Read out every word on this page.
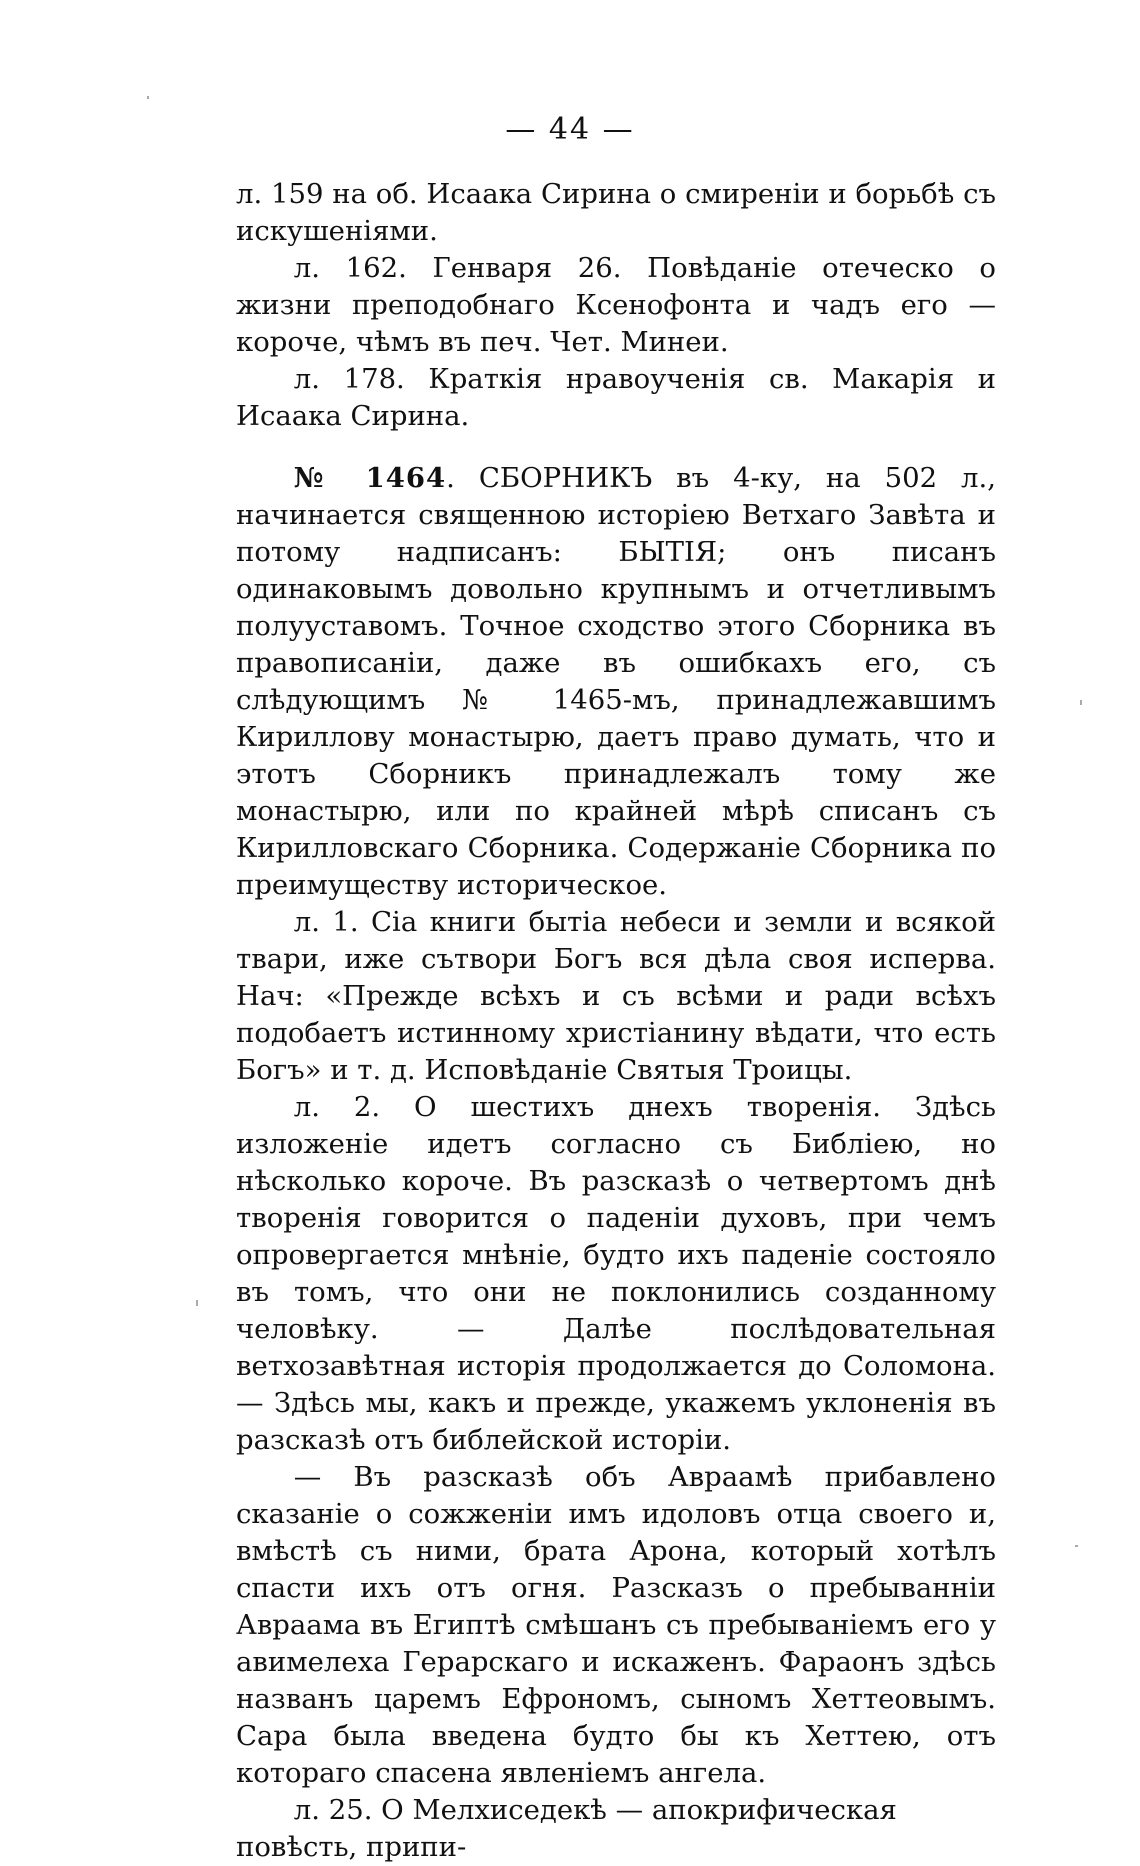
— 44 —

л. 159 на об. Исаака Сирина о смиренiи и борьбѣ съ искушенiями.

л. 162. Генваря 26. Повѣданiе отеческо о жизни преподобнаго Ксенофонта и чадъ его — короче, чѣмъ въ печ. Чет. Минеи.

л. 178. Краткiя нравоученiя св. Макарiя и Исаака Сирина.

№ 1464. СБОРНИКЪ въ 4-ку, на 502 л., начинается священною исторiею Ветхаго Завѣта и потому надписанъ: БЫТIЯ; онъ писанъ одинаковымъ довольно крупнымъ и отчетливымъ полууставомъ. Точное сходство этого Сборника въ правописанiи, даже въ ошибкахъ его, съ слѣдующимъ № 1465-мъ, принадлежавшимъ Кириллову монастырю, даетъ право думать, что и этотъ Сборникъ принадлежалъ тому же монастырю, или по крайней мѣрѣ списанъ съ Кирилловскаго Сборника. Содержанiе Сборника по преимуществу историческое.

л. 1. Сiа книги бытiа небеси и земли и всякой твари, иже сътвори Богъ вся дѣла своя исперва. Нач: «Прежде всѣхъ и съ всѣми и ради всѣхъ подобаетъ истинному христiанину вѣдати, что есть Богъ» и т. д. Исповѣданiе Святыя Троицы.

л. 2. О шестихъ днехъ творенiя. Здѣсь изложенiе идетъ согласно съ Библiею, но нѣсколько короче. Въ разсказѣ о четвертомъ днѣ творенiя говорится о паденiи духовъ, при чемъ опровергается мнѣнiе, будто ихъ паденiе состояло въ томъ, что они не поклонились созданному человѣку. — Далѣе послѣдовательная ветхозавѣтная исторiя продолжается до Соломона. — Здѣсь мы, какъ и прежде, укажемъ уклоненiя въ разсказѣ отъ библейской исторiи.

— Въ разсказѣ объ Авраамѣ прибавлено сказанiе о сожженiи имъ идоловъ отца своего и, вмѣстѣ съ ними, брата Арона, который хотѣлъ спасти ихъ отъ огня. Разсказъ о пребываннiи Авраама въ Египтѣ смѣшанъ съ пребыванiемъ его у авимелеха Герарскаго и искаженъ. Фараонъ здѣсь названъ царемъ Ефрономъ, сыномъ Хеттеовымъ. Сара была введена будто бы къ Хеттею, отъ котораго спасена явленiемъ ангела.

л. 25. О Мелхиседекѣ — апокрифическая повѣсть, припи-
